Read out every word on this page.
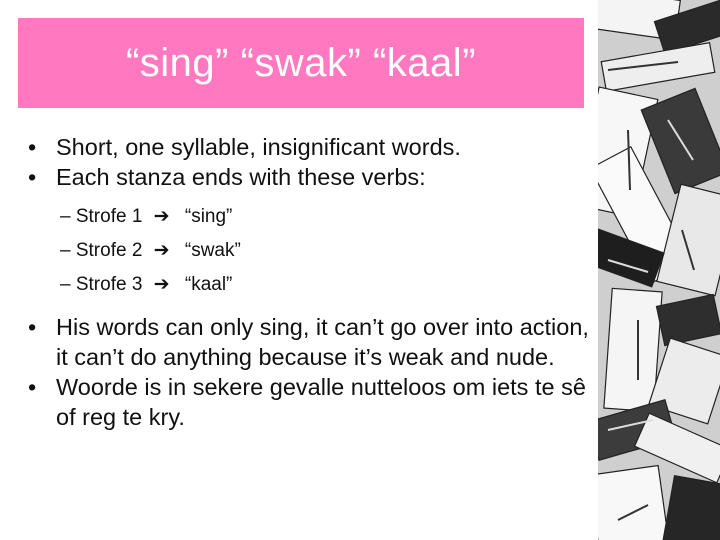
“sing” “swak” “kaal”
• Short, one syllable, insignificant words.
• Each stanza ends with these verbs:
– Strofe 1 ➔ “sing”
– Strofe 2 ➔ “swak”
– Strofe 3 ➔ “kaal”
• His words can only sing, it can’t go over into action, it can’t do anything because it’s weak and nude.
• Woorde is in sekere gevalle nutteloos om iets te sê of reg te kry.
